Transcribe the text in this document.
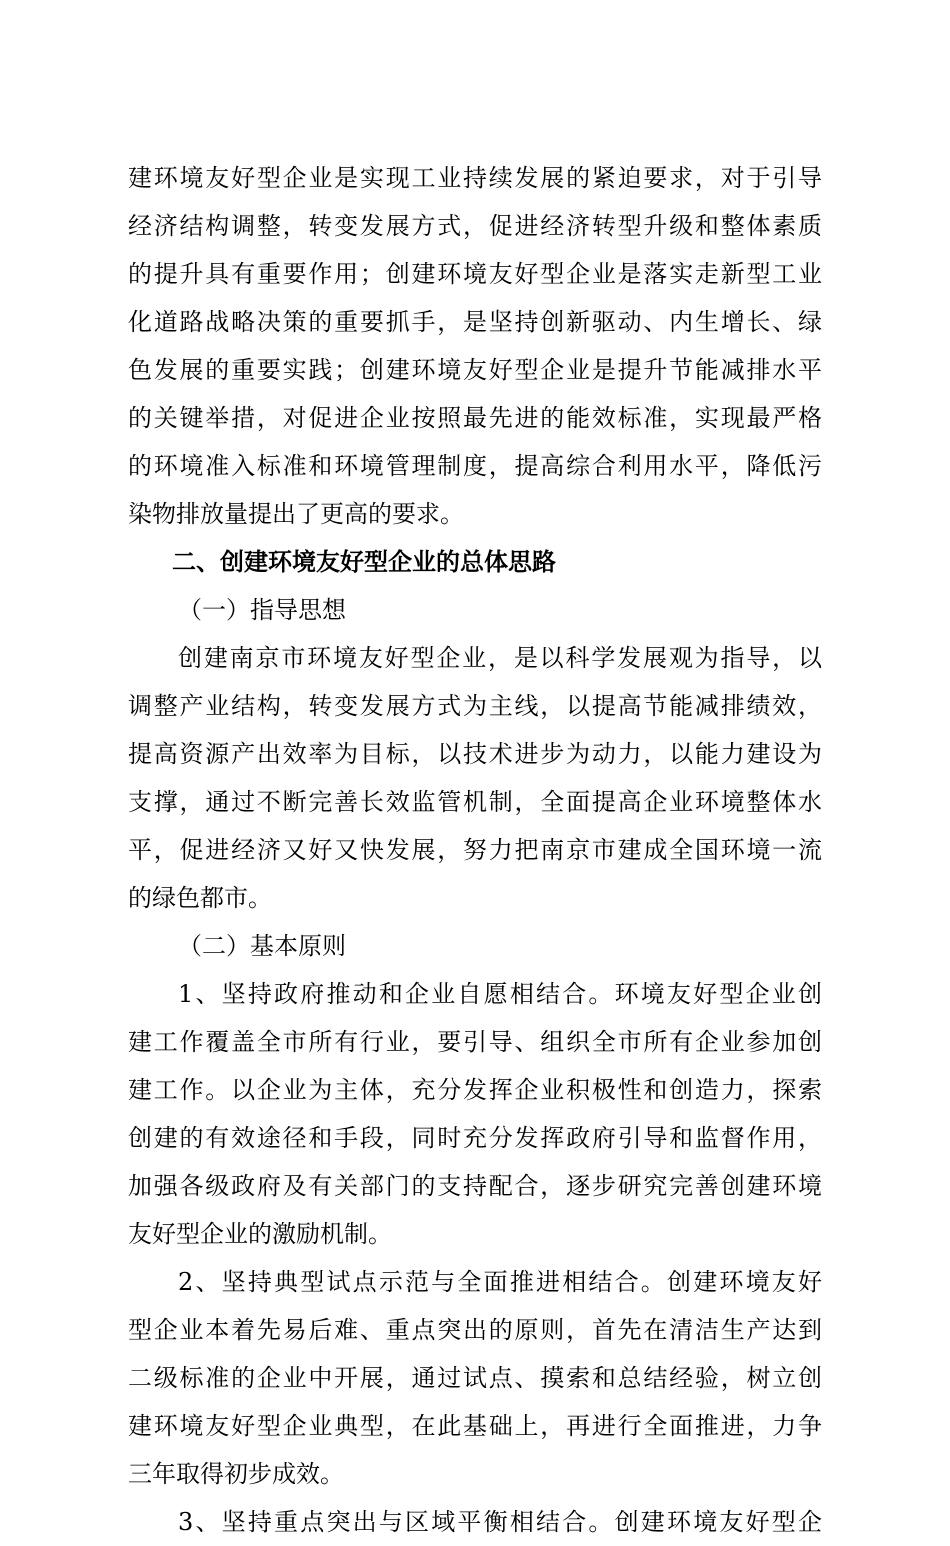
建环境友好型企业是实现工业持续发展的紧迫要求，对于引导
经济结构调整，转变发展方式，促进经济转型升级和整体素质
的提升具有重要作用；创建环境友好型企业是落实走新型工业
化道路战略决策的重要抓手，是坚持创新驱动、内生增长、绿
色发展的重要实践；创建环境友好型企业是提升节能减排水平
的关键举措，对促进企业按照最先进的能效标准，实现最严格
的环境准入标准和环境管理制度，提高综合利用水平，降低污
染物排放量提出了更高的要求。
二、创建环境友好型企业的总体思路
（一）指导思想
创建南京市环境友好型企业，是以科学发展观为指导，以
调整产业结构，转变发展方式为主线，以提高节能减排绩效，
提高资源产出效率为目标，以技术进步为动力，以能力建设为
支撑，通过不断完善长效监管机制，全面提高企业环境整体水
平，促进经济又好又快发展，努力把南京市建成全国环境一流
的绿色都市。
（二）基本原则
1、坚持政府推动和企业自愿相结合。环境友好型企业创
建工作覆盖全市所有行业，要引导、组织全市所有企业参加创
建工作。以企业为主体，充分发挥企业积极性和创造力，探索
创建的有效途径和手段，同时充分发挥政府引导和监督作用，
加强各级政府及有关部门的支持配合，逐步研究完善创建环境
友好型企业的激励机制。
2、坚持典型试点示范与全面推进相结合。创建环境友好
型企业本着先易后难、重点突出的原则，首先在清洁生产达到
二级标准的企业中开展，通过试点、摸索和总结经验，树立创
建环境友好型企业典型，在此基础上，再进行全面推进，力争
三年取得初步成效。
3、坚持重点突出与区域平衡相结合。创建环境友好型企
